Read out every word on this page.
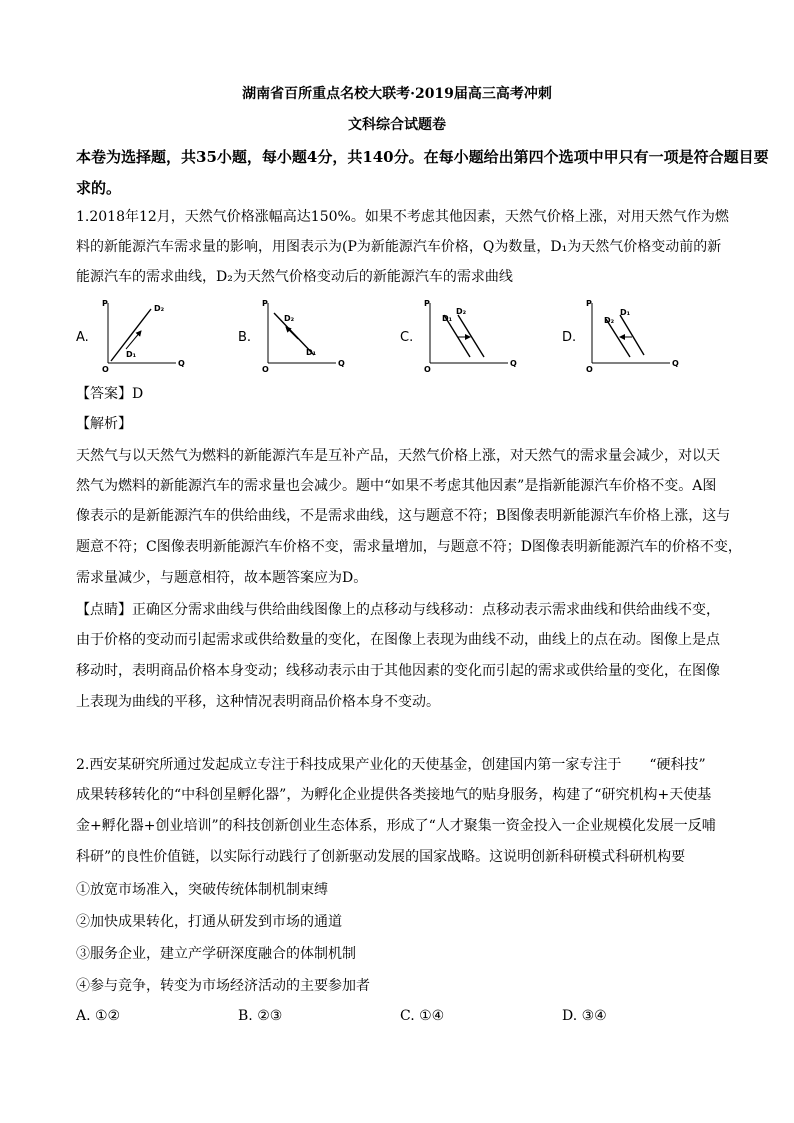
湖南省百所重点名校大联考·2019届高三高考冲刺
文科综合试题卷
本卷为选择题，共35小题，每小题4分，共140分。在每小题给出第四个选项中甲只有一项是符合题目要
求的。
1.2018年12月，天然气价格涨幅高达150%。如果不考虑其他因素，天然气价格上涨，对用天然气作为燃
料的新能源汽车需求量的影响，用图表示为(P为新能源汽车价格，Q为数量，D₁为天然气价格变动前的新
能源汽车的需求曲线，D₂为天然气价格变动后的新能源汽车的需求曲线
A.
P
Q
O
D₂
D₁
B.
P
Q
O
D₂
D₁
C.
P
Q
O
D₁
D₂
D.
P
Q
O
D₂
D₁
【答案】D
【解析】
天然气与以天然气为燃料的新能源汽车是互补产品，天然气价格上涨，对天然气的需求量会减少，对以天
然气为燃料的新能源汽车的需求量也会减少。题中“如果不考虑其他因素”是指新能源汽车价格不变。A图
像表示的是新能源汽车的供给曲线，不是需求曲线，这与题意不符；B图像表明新能源汽车价格上涨，这与
题意不符；C图像表明新能源汽车价格不变，需求量增加，与题意不符；D图像表明新能源汽车的价格不变，
需求量减少，与题意相符，故本题答案应为D。
【点睛】正确区分需求曲线与供给曲线图像上的点移动与线移动：点移动表示需求曲线和供给曲线不变，
由于价格的变动而引起需求或供给数量的变化，在图像上表现为曲线不动，曲线上的点在动。图像上是点
移动时，表明商品价格本身变动；线移动表示由于其他因素的变化而引起的需求或供给量的变化，在图像
上表现为曲线的平移，这种情况表明商品价格本身不变动。
2.西安某研究所通过发起成立专注于科技成果产业化的天使基金，创建国内第一家专注于　　“硬科技”
成果转移转化的“中科创星孵化器”，为孵化企业提供各类接地气的贴身服务，构建了“研究机构+天使基
金+孵化器+创业培训”的科技创新创业生态体系，形成了“人才聚集一资金投入一企业规模化发展一反哺
科研”的良性价值链，以实际行动践行了创新驱动发展的国家战略。这说明创新科研模式科研机构要
①放宽市场准入，突破传统体制机制束缚
②加快成果转化，打通从研发到市场的通道
③服务企业，建立产学研深度融合的体制机制
④参与竞争，转变为市场经济活动的主要参加者
A. ①②	B. ②③	C. ①④	D. ③④
